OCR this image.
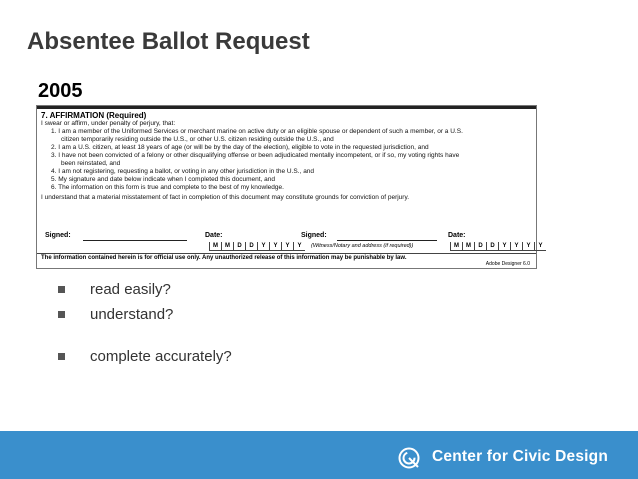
Absentee Ballot Request
2005
7. AFFIRMATION (Required)
I swear or affirm, under penalty of perjury, that:
1. I am a member of the Uniformed Services or merchant marine on active duty or an eligible spouse or dependent of such a member, or a U.S.
citizen temporarily residing outside the U.S., or other U.S. citizen residing outside the U.S., and
2. I am a U.S. citizen, at least 18 years of age (or will be by the day of the election), eligible to vote in the requested jurisdiction, and
3. I have not been convicted of a felony or other disqualifying offense or been adjudicated mentally incompetent, or if so, my voting rights have
been reinstated, and
4. I am not registering, requesting a ballot, or voting in any other jurisdiction in the U.S., and
5. My signature and date below indicate when I completed this document, and
6. The information on this form is true and complete to the best of my knowledge.
I understand that a material misstatement of fact in completion of this document may constitute grounds for conviction of perjury.
Signed:	Date:
M	M	D	D	Y	Y	Y	Y
Signed:
(Witness/Notary and address (if required))
Date:
M	M	D	D	Y	Y	Y	Y
The information contained herein is for official use only. Any unauthorized release of this information may be punishable by law.
Adobe Designer 6.0
read easily?
understand?
complete accurately?
Center for Civic Design
